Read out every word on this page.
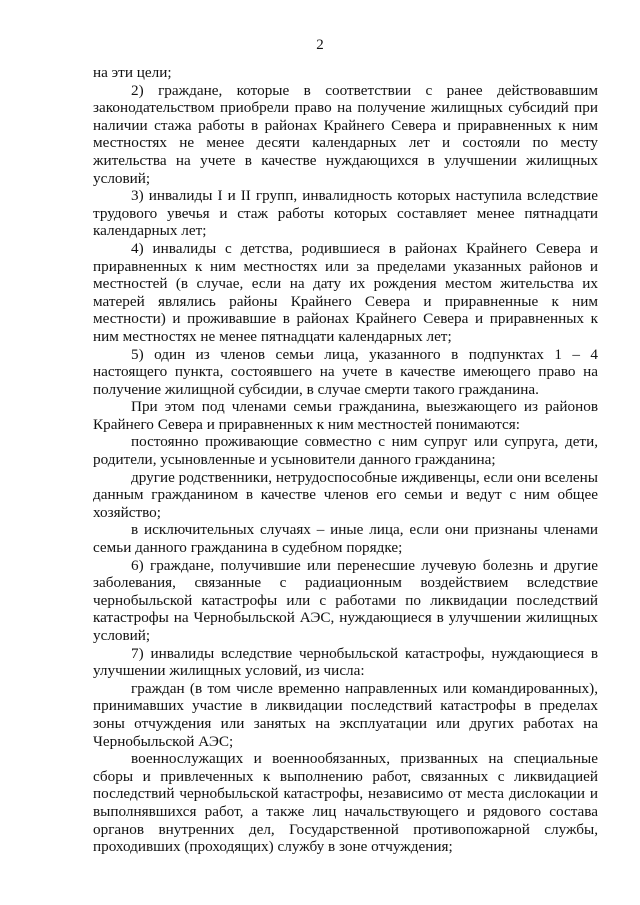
2

на эти цели;

2) граждане, которые в соответствии с ранее действовавшим законодательством приобрели право на получение жилищных субсидий при наличии стажа работы в районах Крайнего Севера и приравненных к ним местностях не менее десяти календарных лет и состояли по месту жительства на учете в качестве нуждающихся в улучшении жилищных условий;

3) инвалиды I и II групп, инвалидность которых наступила вследствие трудового увечья и стаж работы которых составляет менее пятнадцати календарных лет;

4) инвалиды с детства, родившиеся в районах Крайнего Севера и приравненных к ним местностях или за пределами указанных районов и местностей (в случае, если на дату их рождения местом жительства их матерей являлись районы Крайнего Севера и приравненные к ним местности) и проживавшие в районах Крайнего Севера и приравненных к ним местностях не менее пятнадцати календарных лет;

5) один из членов семьи лица, указанного в подпунктах 1 – 4 настоящего пункта, состоявшего на учете в качестве имеющего право на получение жилищной субсидии, в случае смерти такого гражданина.

При этом под членами семьи гражданина, выезжающего из районов Крайнего Севера и приравненных к ним местностей понимаются:

постоянно проживающие совместно с ним супруг или супруга, дети, родители, усыновленные и усыновители данного гражданина;

другие родственники, нетрудоспособные иждивенцы, если они вселены данным гражданином в качестве членов его семьи и ведут с ним общее хозяйство;

в исключительных случаях – иные лица, если они признаны членами семьи данного гражданина в судебном порядке;

6) граждане, получившие или перенесшие лучевую болезнь и другие заболевания, связанные с радиационным воздействием вследствие чернобыльской катастрофы или с работами по ликвидации последствий катастрофы на Чернобыльской АЭС, нуждающиеся в улучшении жилищных условий;

7) инвалиды вследствие чернобыльской катастрофы, нуждающиеся в улучшении жилищных условий, из числа:

граждан (в том числе временно направленных или командированных), принимавших участие в ликвидации последствий катастрофы в пределах зоны отчуждения или занятых на эксплуатации или других работах на Чернобыльской АЭС;

военнослужащих и военнообязанных, призванных на специальные сборы и привлеченных к выполнению работ, связанных с ликвидацией последствий чернобыльской катастрофы, независимо от места дислокации и выполнявшихся работ, а также лиц начальствующего и рядового состава органов внутренних дел, Государственной противопожарной службы, проходивших (проходящих) службу в зоне отчуждения;
